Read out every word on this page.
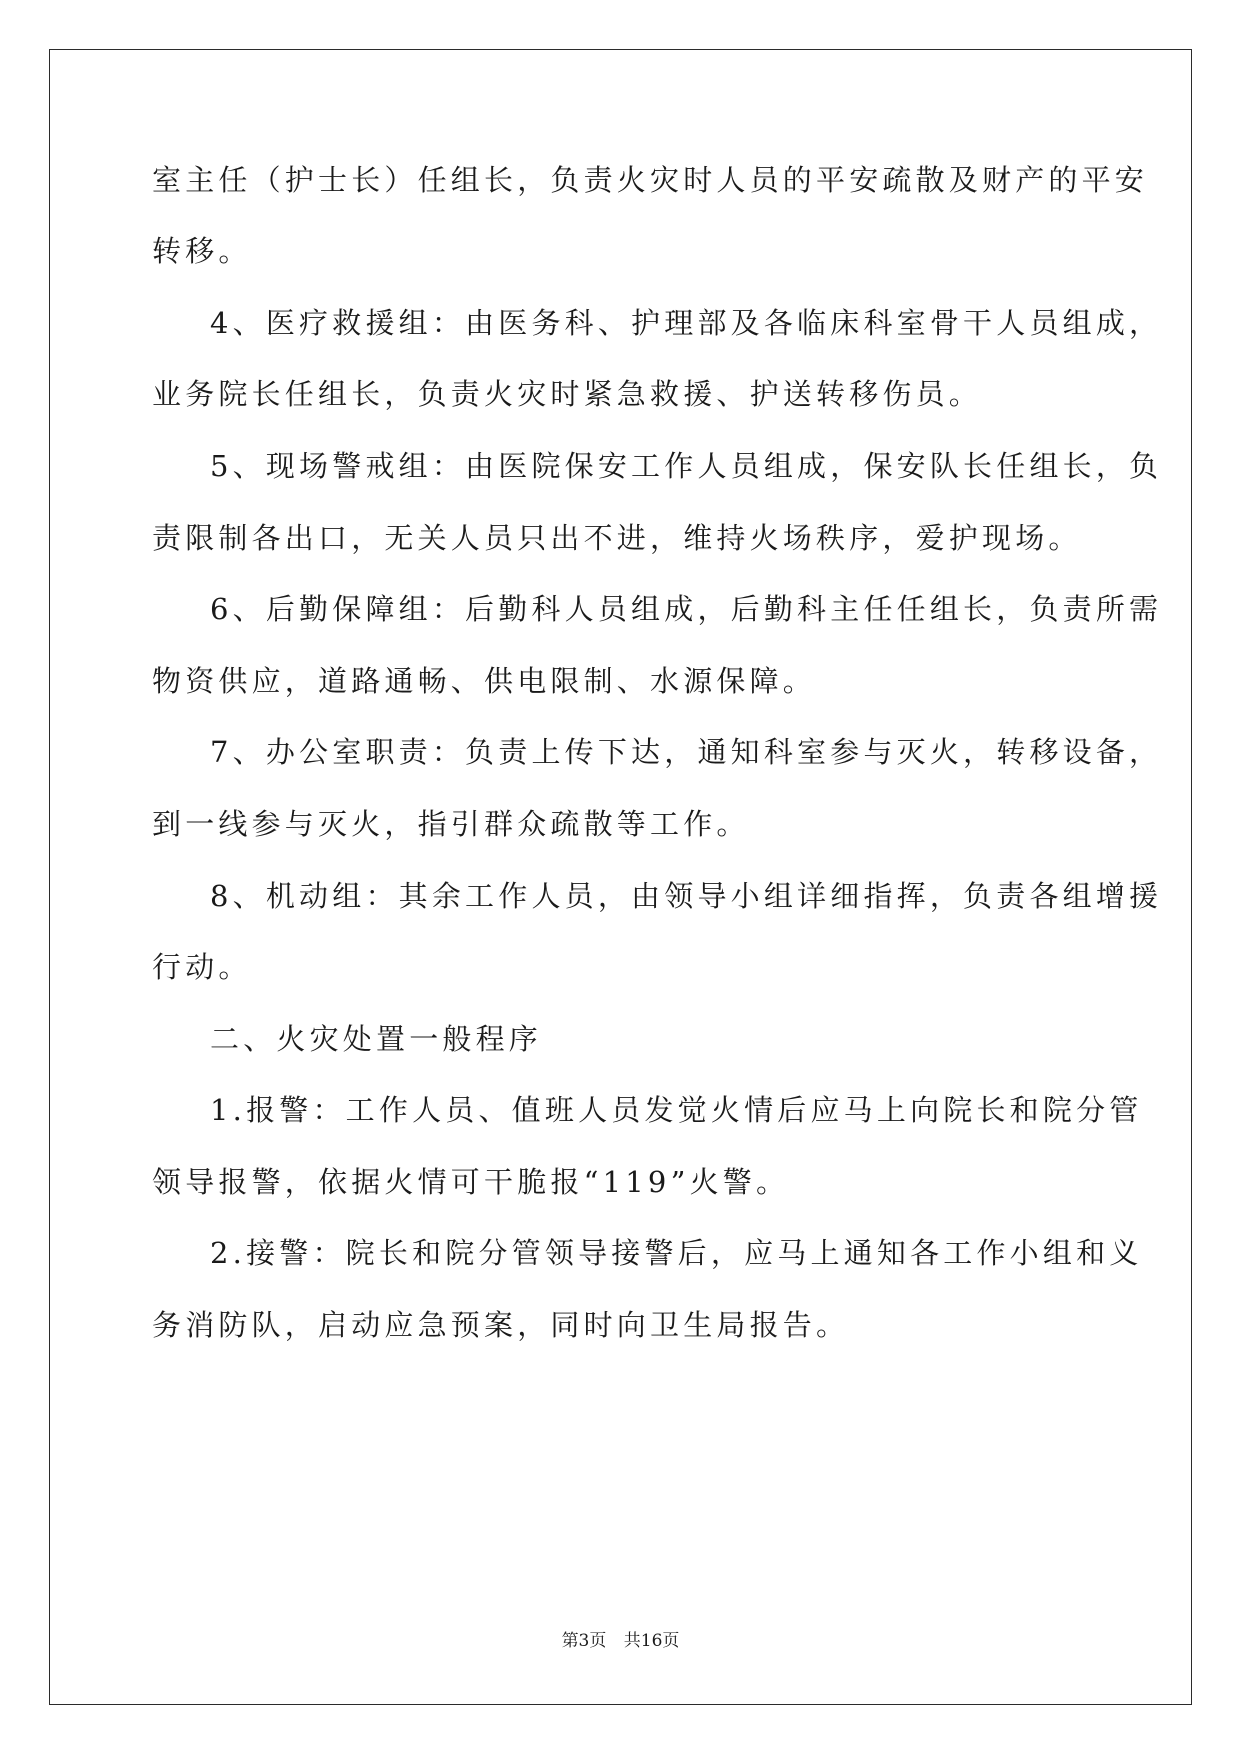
室主任（护士长）任组长，负责火灾时人员的平安疏散及财产的平安
转移。
4、医疗救援组：由医务科、护理部及各临床科室骨干人员组成，
业务院长任组长，负责火灾时紧急救援、护送转移伤员。
5、现场警戒组：由医院保安工作人员组成，保安队长任组长，负
责限制各出口，无关人员只出不进，维持火场秩序，爱护现场。
6、后勤保障组：后勤科人员组成，后勤科主任任组长，负责所需
物资供应，道路通畅、供电限制、水源保障。
7、办公室职责：负责上传下达，通知科室参与灭火，转移设备，
到一线参与灭火，指引群众疏散等工作。
8、机动组：其余工作人员，由领导小组详细指挥，负责各组增援
行动。
二、火灾处置一般程序
1.报警：工作人员、值班人员发觉火情后应马上向院长和院分管
领导报警，依据火情可干脆报“119”火警。
2.接警：院长和院分管领导接警后，应马上通知各工作小组和义
务消防队，启动应急预案，同时向卫生局报告。
第3页 共16页
